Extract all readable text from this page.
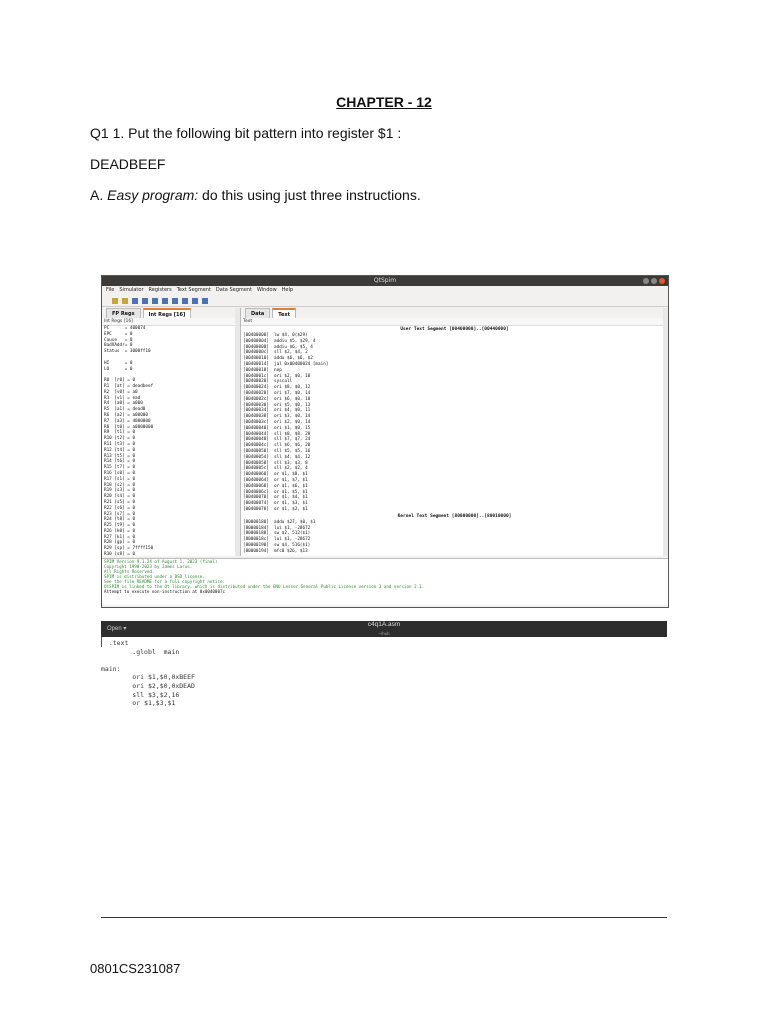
CHAPTER - 12
Q1 1. Put the following bit pattern into register $1 :
DEADBEEF
A. Easy program: do this using just three instructions.
QtSpim
File Simulator Registers Text Segment Data Segment Window Help
FP Regs	Int Regs [16]
Int Regs [16]
PC      = 400074
EPC     = 0
Cause   = 0
BadVAddr= 0
Status  = 3000ff10

HI      = 0
LO      = 0

R0  [r0] = 0
R1  [at] = deadbeef
R2  [v0] = a0
R3  [v1] = ead
R4  [a0] = a000
R5  [a1] = dead0
R6  [a2] = a00000
R7  [a3] = 4000000
R8  [t0] = a0000000
R9  [t1] = 0
R10 [t2] = 0
R11 [t3] = 0
R12 [t4] = 0
R13 [t5] = 0
R14 [t6] = 0
R15 [t7] = 0
R16 [s0] = 0
R17 [s1] = 0
R18 [s2] = 0
R19 [s3] = 0
R20 [s4] = 0
R21 [s5] = 0
R22 [s6] = 0
R23 [s7] = 0
R24 [t8] = 0
R25 [t9] = 0
R26 [k0] = 0
R27 [k1] = 0
R28 [gp] = 0
R29 [sp] = 7ffff150
R30 [s8] = 0
Data	Text
Text
User Text Segment [00400000]..[00440000]
[00400000]  lw $4, 0($29)
[00400004]  addiu $5, $29, 4
[00400008]  addiu $6, $5, 4
[0040000c]  sll $2, $4, 2
[00400010]  addu $6, $6, $2
[00400014]  jal 0x00400024 [main]
[00400018]  nop
[0040001c]  ori $2, $0, 10
[00400020]  syscall
[00400024]  ori $8, $0, 12
[00400028]  ori $7, $0, 14
[0040002c]  ori $6, $0, 10
[00400030]  ori $5, $0, 13
[00400034]  ori $4, $0, 11
[00400038]  ori $3, $0, 14
[0040003c]  ori $2, $0, 14
[00400040]  ori $1, $0, 15
[00400044]  sll $8, $8, 28
[00400048]  sll $7, $7, 24
[0040004c]  sll $6, $6, 20
[00400050]  sll $5, $5, 16
[00400054]  sll $4, $4, 12
[00400058]  sll $3, $3, 8
[0040005c]  sll $2, $2, 4
[00400060]  or $1, $8, $1
[00400064]  or $1, $7, $1
[00400068]  or $1, $6, $1
[0040006c]  or $1, $5, $1
[00400070]  or $1, $4, $1
[00400074]  or $1, $3, $1
[00400078]  or $1, $2, $1
Kernel Text Segment [80000000]..[80010000]
[80000180]  addu $27, $0, $1
[80000184]  lui $1, -28672
[80000188]  sw $2, 512($1)
[8000018c]  lui $1, -28672
[80000190]  sw $4, 516($1)
[80000194]  mfc0 $26, $13
SPIM Version 9.1.24 of August 1, 2023 (final)
Copyright 1990-2023 by James Larus.
All Rights Reserved.
SPIM is distributed under a BSD license.
See the file README for a full copyright notice.
QtSPIM is linked to the Qt library, which is distributed under the GNU Lesser General Public License version 3 and version 2.1.
Attempt to execute non-instruction at 0x0040007c
Open ▾
c4q1A.asm
~/hub
.text
.globl  main

main:
ori $1,$0,0xBEEF
ori $2,$0,0xDEAD
sll $3,$2,16
or $1,$3,$1
0801CS231087
